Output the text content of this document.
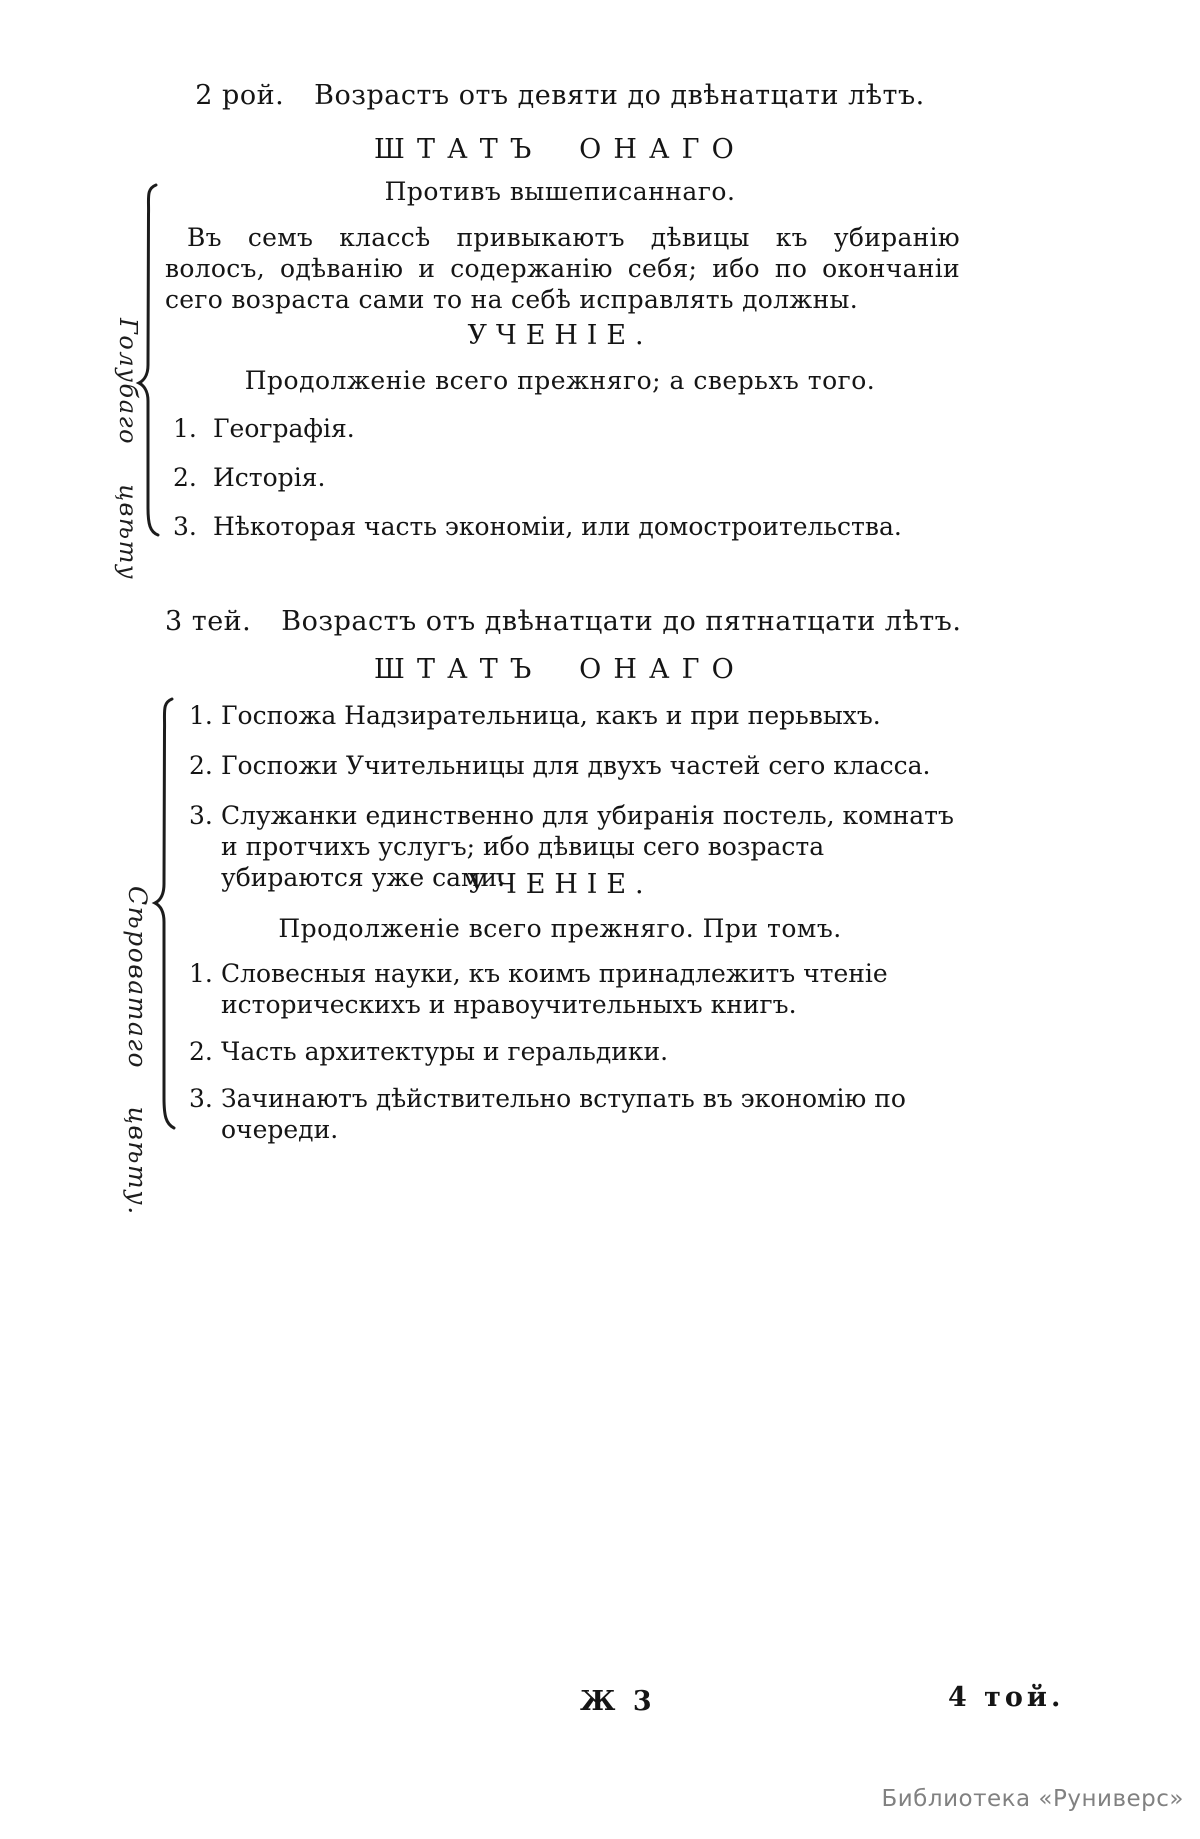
2 рой. Возрастъ отъ девяти до двѣнатцати лѣтъ.
ШТАТЪ ОНАГО
Противъ вышеписаннаго.
Въ семъ классѣ привыкаютъ дѣвицы къ убиранію волосъ, одѣванію и содержанію себя; ибо по окончаніи сего возраста сами то на себѣ исправлять должны.
УЧЕНІЕ.
Продолженіе всего прежняго; а сверьхъ того.
1. Географія.
2. Исторія.
3. Нѣкоторая часть экономіи, или домостроительства.
Голубаго цвѣту
3 тей. Возрастъ отъ двѣнатцати до пятнатцати лѣтъ.
ШТАТЪ ОНАГО
1. Госпожа Надзирательница, какъ и при перьвыхъ.
2. Госпожи Учительницы для двухъ частей сего класса.
3. Служанки единственно для убиранія постель, комнатъ и протчихъ услугъ; ибо дѣвицы сего возраста убираются уже сами.
УЧЕНІЕ.
Продолженіе всего прежняго. При томъ.
1. Словесныя науки, къ коимъ принадлежитъ чтеніе историческихъ и нравоучительныхъ книгъ.
2. Часть архитектуры и геральдики.
3. Зачинаютъ дѣйствительно вступать въ экономію по очереди.
Сѣроватаго цвѣту.
Ж 3	4 той.
Библиотека «Руниверс»
